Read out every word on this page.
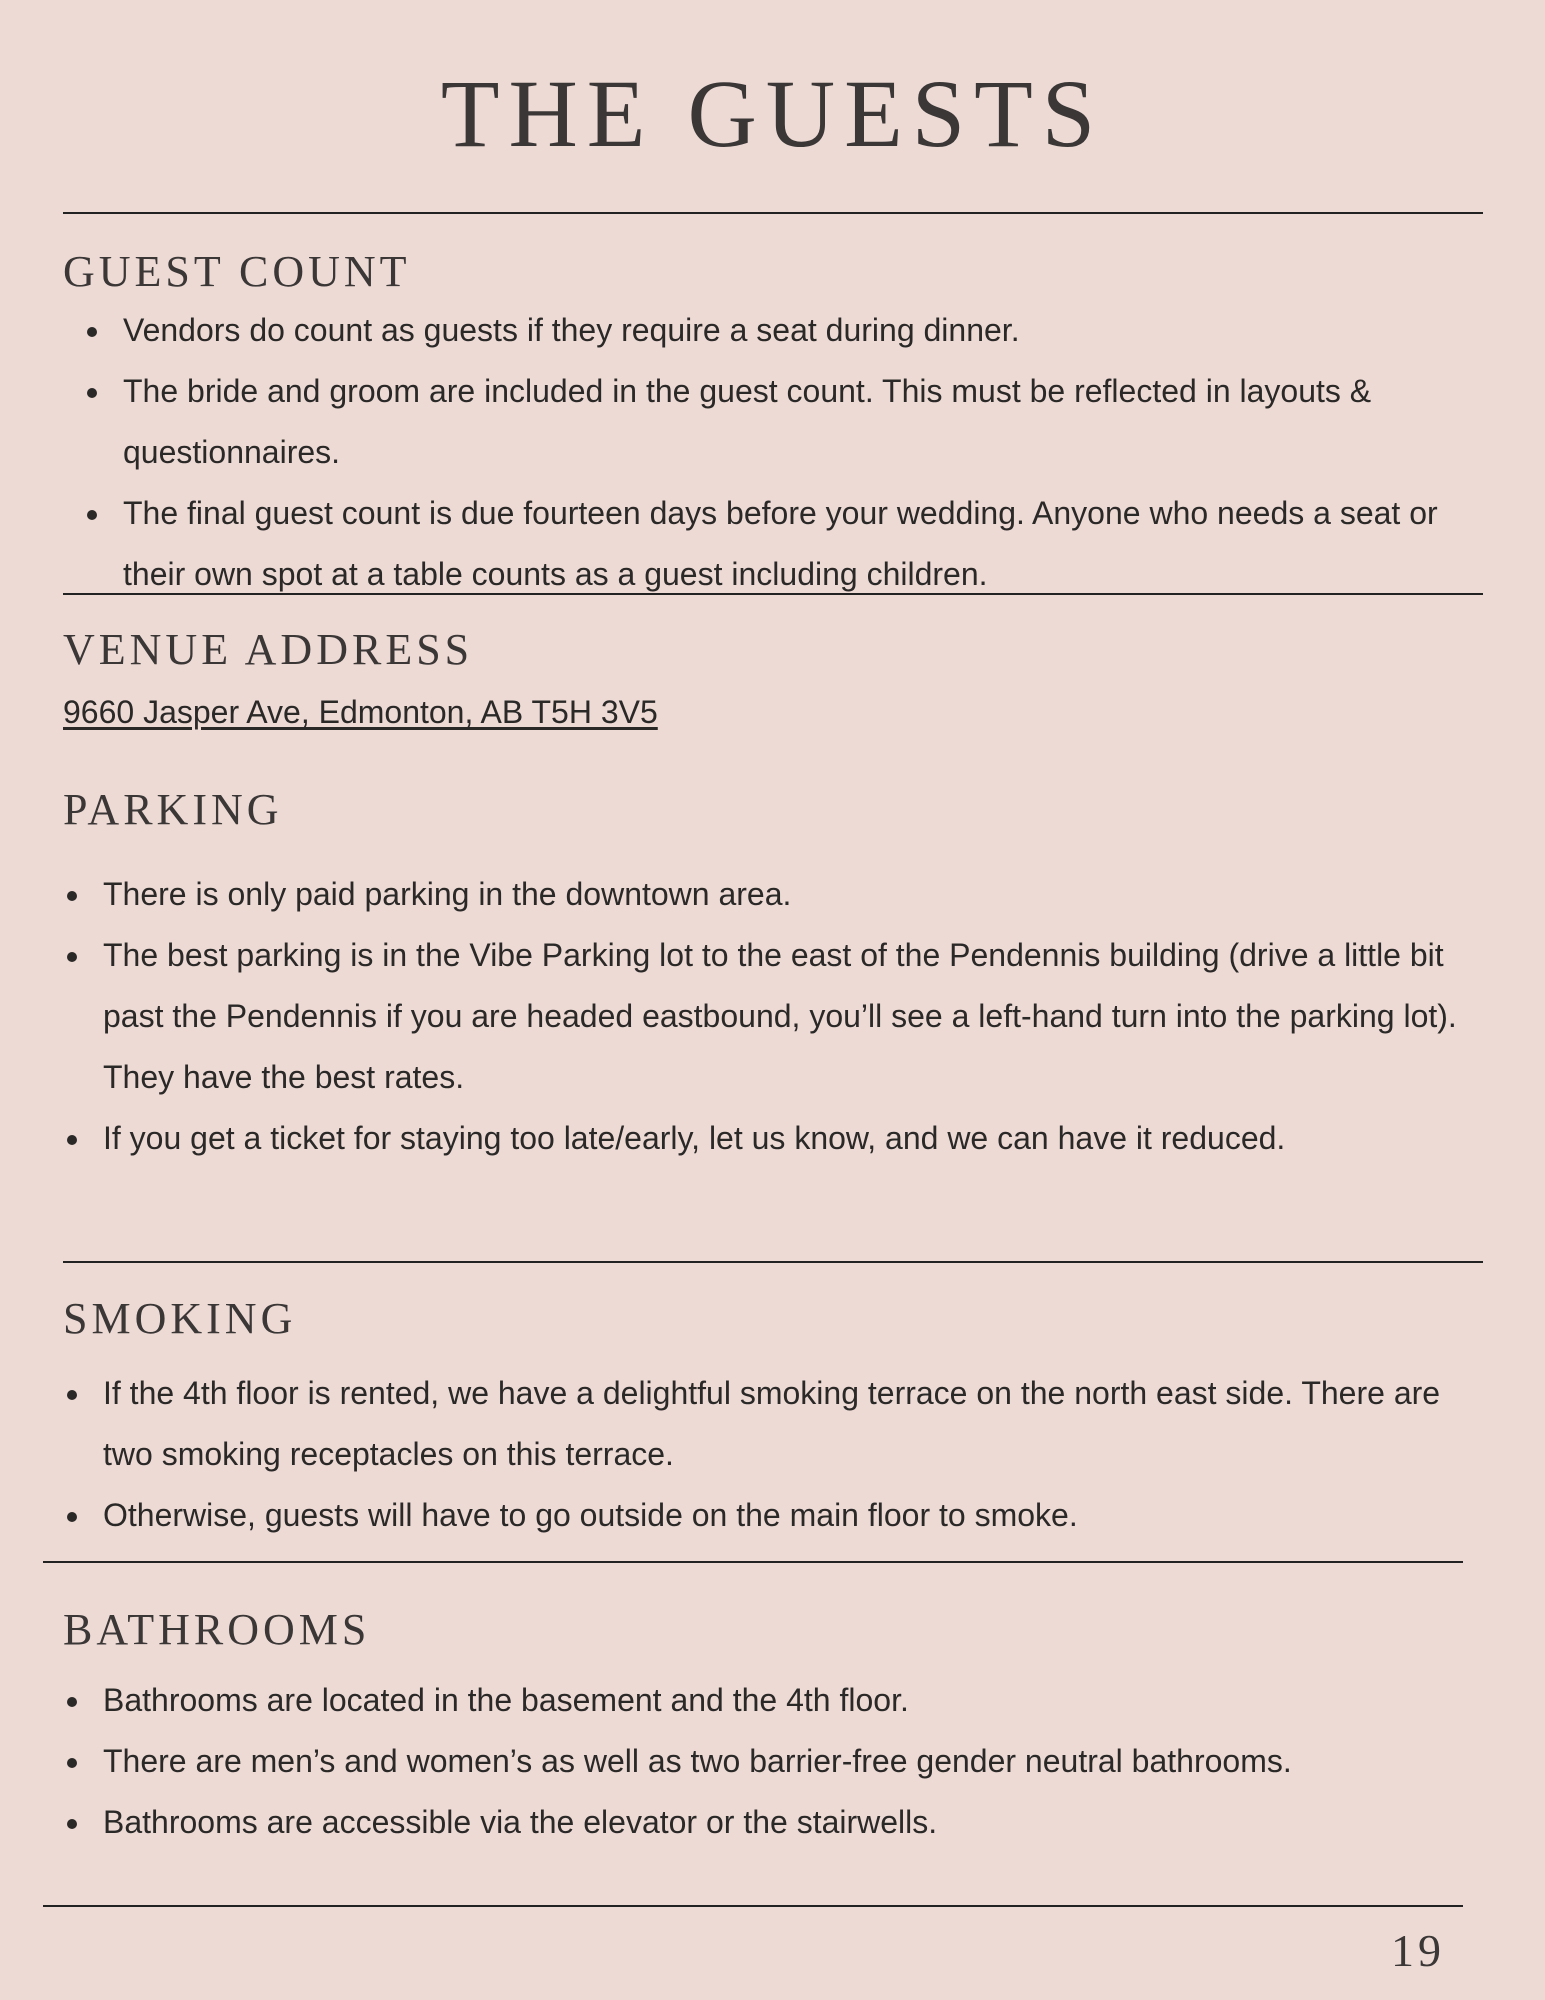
THE GUESTS
GUEST COUNT
Vendors do count as guests if they require a seat during dinner.
The bride and groom are included in the guest count. This must be reflected in layouts & questionnaires.
The final guest count is due fourteen days before your wedding. Anyone who needs a seat or their own spot at a table counts as a guest including children.
VENUE ADDRESS
9660 Jasper Ave, Edmonton, AB T5H 3V5
PARKING
There is only paid parking in the downtown area.
The best parking is in the Vibe Parking lot to the east of the Pendennis building (drive a little bit past the Pendennis if you are headed eastbound, you’ll see a left-hand turn into the parking lot). They have the best rates.
If you get a ticket for staying too late/early, let us know, and we can have it reduced.
SMOKING
If the 4th floor is rented, we have a delightful smoking terrace on the north east side. There are two smoking receptacles on this terrace.
Otherwise, guests will have to go outside on the main floor to smoke.
BATHROOMS
Bathrooms are located in the basement and the 4th floor.
There are men’s and women’s as well as two barrier-free gender neutral bathrooms.
Bathrooms are accessible via the elevator or the stairwells.
19
